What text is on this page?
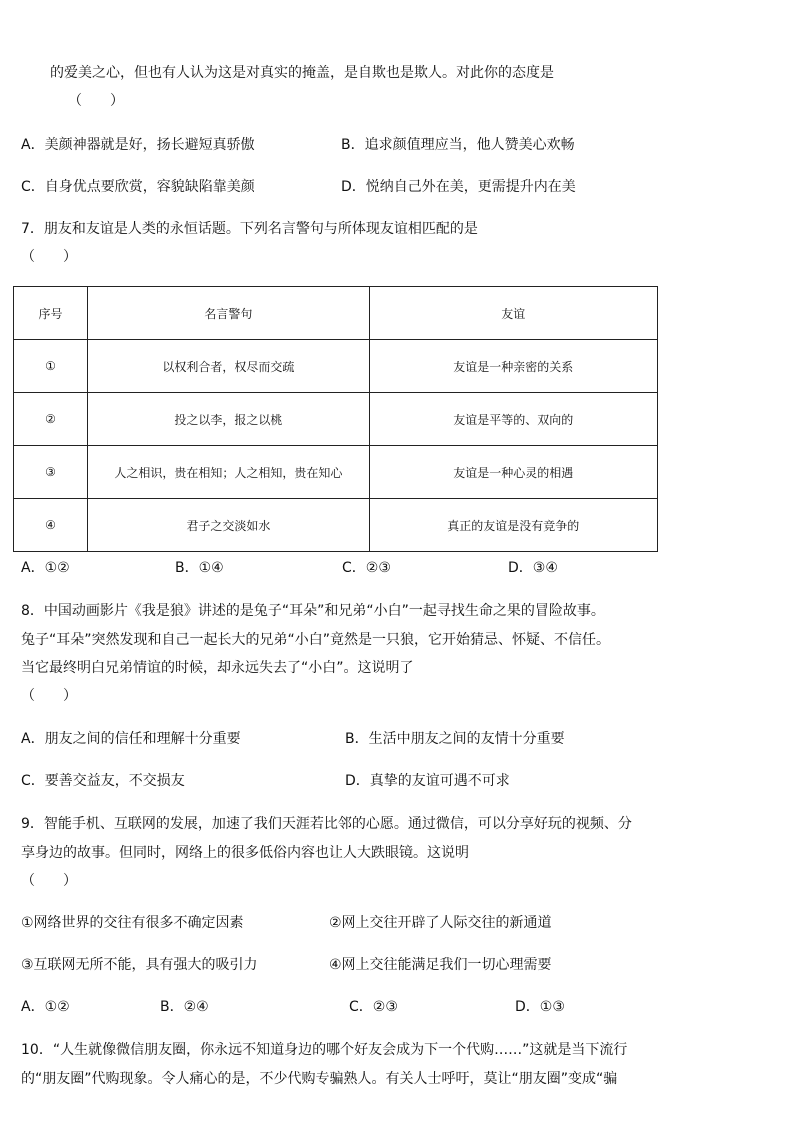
的爱美之心，但也有人认为这是对真实的掩盖，是自欺也是欺人。对此你的态度是
（　　）
A．美颜神器就是好，扬长避短真骄傲	B．追求颜值理应当，他人赞美心欢畅
C．自身优点要欣赏，容貌缺陷靠美颜	D．悦纳自己外在美，更需提升内在美
7．朋友和友谊是人类的永恒话题。下列名言警句与所体现友谊相匹配的是
（　　）
序号	名言警句	友谊
①	以权利合者，权尽而交疏	友谊是一种亲密的关系
②	投之以李，报之以桃	友谊是平等的、双向的
③	人之相识，贵在相知；人之相知，贵在知心	友谊是一种心灵的相遇
④	君子之交淡如水	真正的友谊是没有竞争的
A．①②	B．①④	C．②③	D．③④
8．中国动画影片《我是狼》讲述的是兔子“耳朵”和兄弟“小白”一起寻找生命之果的冒险故事。
兔子“耳朵”突然发现和自己一起长大的兄弟“小白”竟然是一只狼，它开始猜忌、怀疑、不信任。
当它最终明白兄弟情谊的时候，却永远失去了“小白”。这说明了
（　　）
A．朋友之间的信任和理解十分重要	B．生活中朋友之间的友情十分重要
C．要善交益友，不交损友	D．真挚的友谊可遇不可求
9．智能手机、互联网的发展，加速了我们天涯若比邻的心愿。通过微信，可以分享好玩的视频、分
享身边的故事。但同时，网络上的很多低俗内容也让人大跌眼镜。这说明
（　　）
①网络世界的交往有很多不确定因素	②网上交往开辟了人际交往的新通道
③互联网无所不能，具有强大的吸引力	④网上交往能满足我们一切心理需要
A．①②	B．②④	C．②③	D．①③
10．“人生就像微信朋友圈，你永远不知道身边的哪个好友会成为下一个代购……”这就是当下流行
的“朋友圈”代购现象。令人痛心的是，不少代购专骗熟人。有关人士呼吁，莫让“朋友圈”变成“骗
